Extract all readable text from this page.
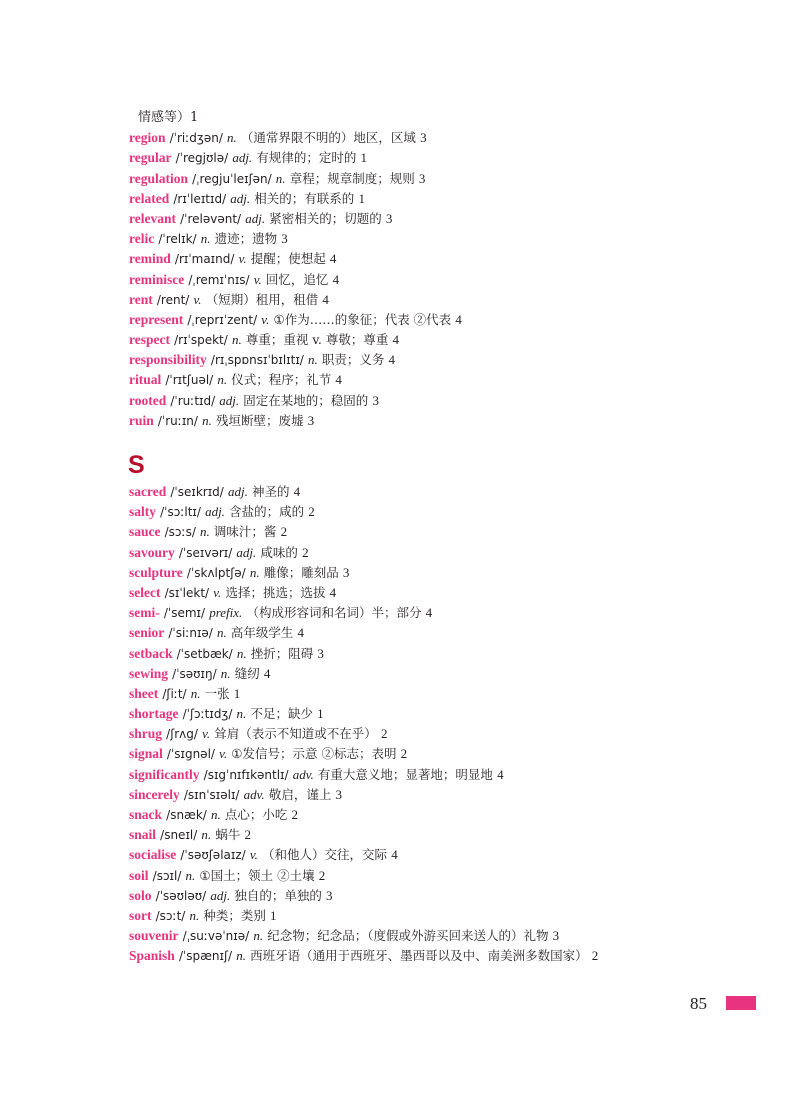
情感等）1
region /ˈriːdʒən/ n. （通常界限不明的）地区，区域 3
regular /ˈregjʊlə/ adj. 有规律的；定时的 1
regulation /ˌregjuˈleɪʃən/ n. 章程；规章制度；规则 3
related /rɪˈleɪtɪd/ adj. 相关的；有联系的 1
relevant /ˈreləvənt/ adj. 紧密相关的；切题的 3
relic /ˈrelɪk/ n. 遗迹；遗物 3
remind /rɪˈmaɪnd/ v. 提醒；使想起 4
reminisce /ˌremɪˈnɪs/ v. 回忆，追忆 4
rent /rent/ v. （短期）租用，租借 4
represent /ˌreprɪˈzent/ v. ①作为……的象征；代表 ②代表 4
respect /rɪˈspekt/ n. 尊重；重视 v. 尊敬；尊重 4
responsibility /rɪˌspɒnsɪˈbɪlɪtɪ/ n. 职责；义务 4
ritual /ˈrɪtʃuəl/ n. 仪式；程序；礼节 4
rooted /ˈruːtɪd/ adj. 固定在某地的；稳固的 3
ruin /ˈruːɪn/ n. 残垣断壁；废墟 3
S
sacred /ˈseɪkrɪd/ adj. 神圣的 4
salty /ˈsɔːltɪ/ adj. 含盐的；咸的 2
sauce /sɔːs/ n. 调味汁；酱 2
savoury /ˈseɪvərɪ/ adj. 咸味的 2
sculpture /ˈskʌlptʃə/ n. 雕像；雕刻品 3
select /sɪˈlekt/ v. 选择；挑选；选拔 4
semi- /ˈsemɪ/ prefix. （构成形容词和名词）半；部分 4
senior /ˈsiːnɪə/ n. 高年级学生 4
setback /ˈsetbæk/ n. 挫折；阻碍 3
sewing /ˈsəʊɪŋ/ n. 缝纫 4
sheet /ʃiːt/ n. 一张 1
shortage /ˈʃɔːtɪdʒ/ n. 不足；缺少 1
shrug /ʃrʌg/ v. 耸肩（表示不知道或不在乎） 2
signal /ˈsɪgnəl/ v. ①发信号；示意 ②标志；表明 2
significantly /sɪgˈnɪfɪkəntlɪ/ adv. 有重大意义地；显著地；明显地 4
sincerely /sɪnˈsɪəlɪ/ adv. 敬启，谨上 3
snack /snæk/ n. 点心；小吃 2
snail /sneɪl/ n. 蜗牛 2
socialise /ˈsəʊʃəlaɪz/ v. （和他人）交往，交际 4
soil /sɔɪl/ n. ①国土；领土 ②土壤 2
solo /ˈsəʊləʊ/ adj. 独自的；单独的 3
sort /sɔːt/ n. 种类；类别 1
souvenir /ˌsuːvəˈnɪə/ n. 纪念物；纪念品；（度假或外游买回来送人的）礼物 3
Spanish /ˈspænɪʃ/ n. 西班牙语（通用于西班牙、墨西哥以及中、南美洲多数国家） 2
85
